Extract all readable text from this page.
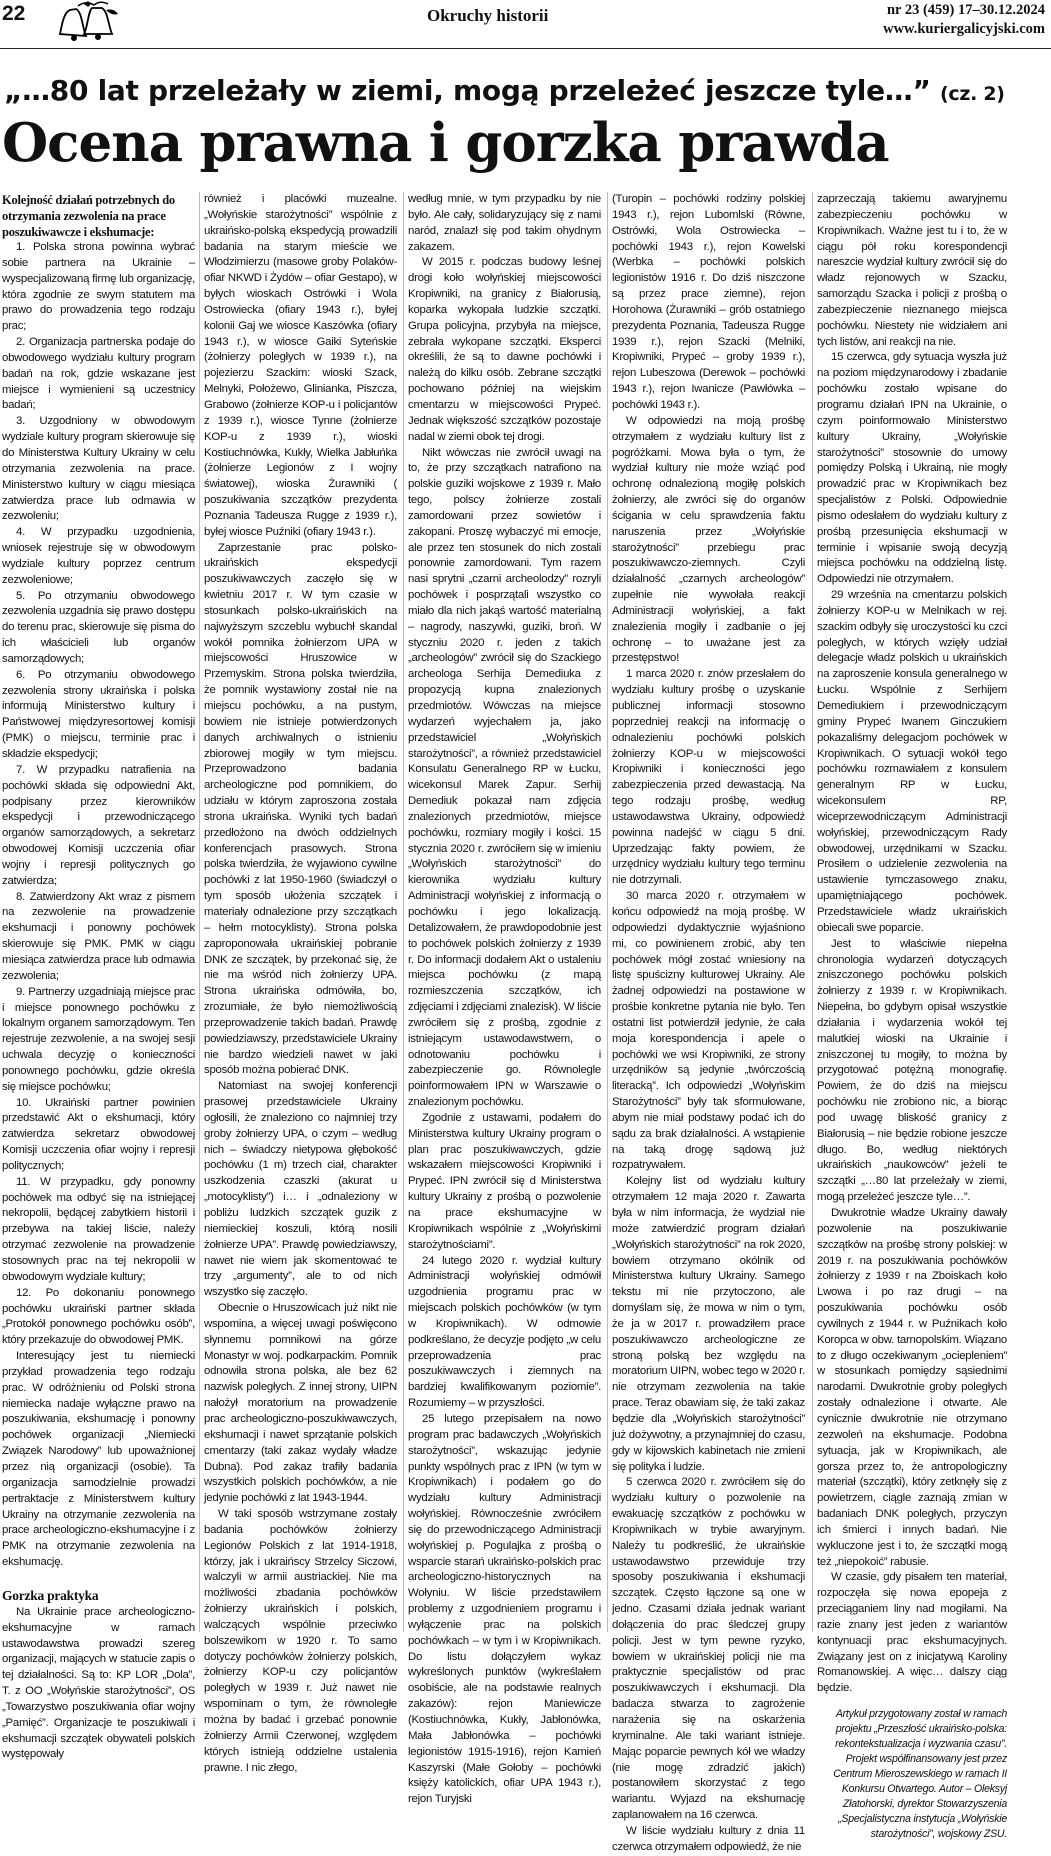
22	Okruchy historii	nr 23 (459) 17–30.12.2024
www.kuriergalicyjski.com
„…80 lat przeleżały w ziemi, mogą przeleżeć jeszcze tyle…” (cz. 2)
Ocena prawna i gorzka prawda
Kolejność działań potrzebnych do otrzymania zezwolenia na prace poszukiwawcze i ekshumacje:

1. Polska strona powinna wybrać sobie partnera na Ukrainie – wyspecjalizowaną firmę lub organizację, która zgodnie ze swym statutem ma prawo do prowadzenia tego rodzaju prac;

2. Organizacja partnerska podaje do obwodowego wydziału kultury program badań na rok, gdzie wskazane jest miejsce i wymienieni są uczestnicy badań;

3. Uzgodniony w obwodowym wydziale kultury program skierowuje się do Ministerstwa Kultury Ukrainy w celu otrzymania zezwolenia na prace. Ministerstwo kultury w ciągu miesiąca zatwierdza prace lub odmawia w zezwoleniu;

4. W przypadku uzgodnienia, wniosek rejestruje się w obwodowym wydziale kultury poprzez centrum zezwoleniowe;

5. Po otrzymaniu obwodowego zezwolenia uzgadnia się prawo dostępu do terenu prac, skierowuje się pisma do ich właścicieli lub organów samorządowych;

6. Po otrzymaniu obwodowego zezwolenia strony ukraińska i polska informują Ministerstwo kultury i Państwowej międzyresortowej komisji (PMK) o miejscu, terminie prac i składzie ekspedycji;

7. W przypadku natrafienia na pochówki składa się odpowiedni Akt, podpisany przez kierowników ekspedycji i przewodniczącego organów samorządowych, a sekretarz obwodowej Komisji uczczenia ofiar wojny i represji politycznych go zatwierdza;

8. Zatwierdzony Akt wraz z pismem na zezwolenie na prowadzenie ekshumacji i ponowny pochówek skierowuje się PMK. PMK w ciągu miesiąca zatwierdza prace lub odmawia zezwolenia;

9. Partnerzy uzgadniają miejsce prac i miejsce ponownego pochówku z lokalnym organem samorządowym. Ten rejestruje zezwolenie, a na swojej sesji uchwala decyzję o konieczności ponownego pochówku, gdzie określa się miejsce pochówku;

10. Ukraiński partner powinien przedstawić Akt o ekshumacji, który zatwierdza sekretarz obwodowej Komisji uczczenia ofiar wojny i represji politycznych;

11. W przypadku, gdy ponowny pochówek ma odbyć się na istniejącej nekropolii, będącej zabytkiem historii i przebywa na takiej liście, należy otrzymać zezwolenie na prowadzenie stosownych prac na tej nekropolii w obwodowym wydziale kultury;

12. Po dokonaniu ponownego pochówku ukraiński partner składa „Protokół ponownego pochówku osób”, który przekazuje do obwodowej PMK.

Interesujący jest tu niemiecki przykład prowadzenia tego rodzaju prac. W odróżnieniu od Polski strona niemiecka nadaje wyłączne prawo na poszukiwania, ekshumację i ponowny pochówek organizacji „Niemiecki Związek Narodowy” lub upoważnionej przez nią organizacji (osobie). Ta organizacja samodzielnie prowadzi pertraktacje z Ministerstwem kultury Ukrainy na otrzymanie zezwolenia na prace archeologiczno-ekshumacyjne i z PMK na otrzymanie zezwolenia na ekshumację.

Gorzka praktyka

Na Ukrainie prace archeologiczno-ekshumacyjne w ramach ustawodawstwa prowadzi szereg organizacji, mających w statucie zapis o tej działalności. Są to: KP LOR „Dola”, T. z OO „Wołyńskie starożytności”, OS „Towarzystwo poszukiwania ofiar wojny „Pamięć”. Organizacje te poszukiwali i ekshumacji szczątek obywateli polskich występowały

również i placówki muzealne. „Wołyńskie starożytności” wspólnie z ukraińsko-polską ekspedycją prowadzili badania na starym mieście we Włodzimierzu (masowe groby Polaków-ofiar NKWD i Żydów – ofiar Gestapo), w byłych wioskach Ostrówki i Wola Ostrowiecka (ofiary 1943 r.), byłej kolonii Gaj we wiosce Kaszówka (ofiary 1943 r.), w wiosce Gaiki Syteńskie (żołnierzy poległych w 1939 r.), na pojezierzu Szackim: wioski Szack, Melnyki, Położewo, Glinianka, Piszcza, Grabowo (żołnierze KOP-u i policjantów z 1939 r.), wiosce Tynne (żołnierze KOP-u z 1939 r.), wioski Kostiuchnówka, Kukły, Wielka Jabłuńka (żołnierze Legionów z I wojny światowej), wioska Żurawniki ( poszukiwania szczątków prezydenta Poznania Tadeusza Rugge z 1939 r.), byłej wiosce Puźniki (ofiary 1943 r.).

Zaprzestanie prac polsko-ukraińskich ekspedycji poszukiwawczych zaczęło się w kwietniu 2017 r. W tym czasie w stosunkach polsko-ukraińskich na najwyższym szczeblu wybuchł skandal wokół pomnika żołnierzom UPA w miejscowości Hruszowice w Przemyskim. Strona polska twierdziła, że pomnik wystawiony został nie na miejscu pochówku, a na pustym, bowiem nie istnieje potwierdzonych danych archiwalnych o istnieniu zbiorowej mogiły w tym miejscu. Przeprowadzono badania archeologiczne pod pomnikiem, do udziału w którym zaproszona została strona ukraińska. Wyniki tych badań przedłożono na dwóch oddzielnych konferencjach prasowych. Strona polska twierdziła, że wyjawiono cywilne pochówki z lat 1950-1960 (świadczył o tym sposób ułożenia szczątek i materiały odnalezione przy szczątkach – hełm motocyklisty). Strona polska zaproponowała ukraińskiej pobranie DNK ze szczątek, by przekonać się, że nie ma wśród nich żołnierzy UPA. Strona ukraińska odmówiła, bo, zrozumiałe, że było niemożliwością przeprowadzenie takich badań. Prawdę powiedziawszy, przedstawiciele Ukrainy nie bardzo wiedzieli nawet w jaki sposób można pobierać DNK.

Natomiast na swojej konferencji prasowej przedstawiciele Ukrainy ogłosili, że znaleziono co najmniej trzy groby żołnierzy UPA, o czym – według nich – świadczy nietypowa głębokość pochówku (1 m) trzech ciał, charakter uszkodzenia czaszki (akurat u „motocyklisty”) i… i „odnaleziony w pobliżu ludzkich szczątek guzik z niemieckiej koszuli, którą nosili żołnierze UPA”. Prawdę powiedziawszy, nawet nie wiem jak skomentować te trzy „argumenty”, ale to od nich wszystko się zaczęło.

Obecnie o Hruszowicach już nikt nie wspomina, a więcej uwagi poświęcono słynnemu pomnikowi na górze Monastyr w woj. podkarpackim. Pomnik odnowiła strona polska, ale bez 62 nazwisk poległych. Z innej strony, UIPN nałożył moratorium na prowadzenie prac archeologiczno-poszukiwawczych, ekshumacji i nawet sprzątanie polskich cmentarzy (taki zakaz wydały władze Dubna). Pod zakaz trafiły badania wszystkich polskich pochówków, a nie jedynie pochówki z lat 1943-1944.

W taki sposób wstrzymane zostały badania pochówków żołnierzy Legionów Polskich z lat 1914-1918, którzy, jak i ukraińscy Strzelcy Siczowi, walczyli w armii austriackiej. Nie ma możliwości zbadania pochówków żołnierzy ukraińskich i polskich, walczących wspólnie przeciwko bolszewikom w 1920 r. To samo dotyczy pochówków żołnierzy polskich, żołnierzy KOP-u czy policjantów poległych w 1939 r. Już nawet nie wspominam o tym, że równoległe można by badać i grzebać ponownie żołnierzy Armii Czerwonej, względem których istnieją oddzielne ustalenia prawne. I nic złego,

według mnie, w tym przypadku by nie było. Ale cały, solidaryzujący się z nami naród, znalazł się pod takim ohydnym zakazem.

W 2015 r. podczas budowy leśnej drogi koło wołyńskiej miejscowości Kropiwniki, na granicy z Białorusią, koparka wykopała ludzkie szczątki. Grupa policyjna, przybyła na miejsce, zebrała wykopane szczątki. Eksperci określili, że są to dawne pochówki i należą do kilku osób. Zebrane szczątki pochowano później na wiejskim cmentarzu w miejscowości Prypeć. Jednak większość szczątków pozostaje nadal w ziemi obok tej drogi.

Nikt wówczas nie zwrócił uwagi na to, że przy szczątkach natrafiono na polskie guziki wojskowe z 1939 r. Mało tego, polscy żołnierze zostali zamordowani przez sowietów i zakopani. Proszę wybaczyć mi emocje, ale przez ten stosunek do nich zostali ponownie zamordowani. Tym razem nasi sprytni „czarni archeolodzy” rozryli pochówek i posprzątali wszystko co miało dla nich jakąś wartość materialną – nagrody, naszywki, guziki, broń. W styczniu 2020 r. jeden z takich „archeologów” zwrócił się do Szackiego archeologa Serhija Demediuka z propozycją kupna znalezionych przedmiotów. Wówczas na miejsce wydarzeń wyjechałem ja, jako przedstawiciel „Wołyńskich starożytności”, a również przedstawiciel Konsulatu Generalnego RP w Łucku, wicekonsul Marek Zapur. Serhij Demediuk pokazał nam zdjęcia znalezionych przedmiotów, miejsce pochówku, rozmiary mogiły i kości. 15 stycznia 2020 r. zwróciłem się w imieniu „Wołyńskich starożytności” do kierownika wydziału kultury Administracji wołyńskiej z informacją o pochówku i jego lokalizacją. Detalizowałem, że prawdopodobnie jest to pochówek polskich żołnierzy z 1939 r. Do informacji dodałem Akt o ustaleniu miejsca pochówku (z mapą rozmieszczenia szczątków, ich zdjęciami i zdjęciami znalezisk). W liście zwróciłem się z prośbą, zgodnie z istniejącym ustawodawstwem, o odnotowaniu pochówku i zabezpieczenie go. Równolegle poinformowałem IPN w Warszawie o znalezionym pochówku.

Zgodnie z ustawami, podałem do Ministerstwa kultury Ukrainy program o plan prac poszukiwawczych, gdzie wskazałem miejscowości Kropiwniki i Prypeć. IPN zwrócił się d Ministerstwa kultury Ukrainy z prośbą o pozwolenie na prace ekshumacyjne w Kropiwnikach wspólnie z „Wołyńskimi starożytnościami”.

24 lutego 2020 r. wydział kultury Administracji wołyńskiej odmówił uzgodnienia programu prac w miejscach polskich pochówków (w tym w Kropiwnikach). W odmowie podkreślano, że decyzje podjęto „w celu przeprowadzenia prac poszukiwawczych i ziemnych na bardziej kwalifikowanym poziomie”. Rozumiemy – w przyszłości.

25 lutego przepisałem na nowo program prac badawczych „Wołyńskich starożytności”, wskazując jedynie punkty wspólnych prac z IPN (w tym w Kropiwnikach) i podałem go do wydziału kultury Administracji wołyńskiej. Równocześnie zwróciłem się do przewodniczącego Administracji wołyńskiej p. Pogulajka z prośbą o wsparcie starań ukraińsko-polskich prac archeologiczno-historycznych na Wołyniu. W liście przedstawiłem problemy z uzgodnieniem programu i wyłączenie prac na polskich pochówkach – w tym i w Kropiwnikach. Do listu dołączyłem wykaz wykreślonych punktów (wykreślałem osobiście, ale na podstawie realnych zakazów): rejon Maniewicze (Kostiuchnówka, Kukły, Jabłonówka, Mała Jabłonówka – pochówki legionistów 1915-1916), rejon Kamień Kaszyrski (Małe Gołoby – pochówki księży katolickich, ofiar UPA 1943 r.), rejon Turyjski

(Turopin – pochówki rodziny polskiej 1943 r.), rejon Lubomlski (Równe, Ostrówki, Wola Ostrowiecka – pochówki 1943 r.), rejon Kowelski (Werbka – pochówki polskich legionistów 1916 r. Do dziś niszczone są przez prace ziemne), rejon Horohowa (Żurawniki – grób ostatniego prezydenta Poznania, Tadeusza Rugge 1939 r.), rejon Szacki (Melniki, Kropiwniki, Prypeć – groby 1939 r.), rejon Lubeszowa (Derewok – pochówki 1943 r.), rejon Iwanicze (Pawłówka – pochówki 1943 r.).

W odpowiedzi na moją prośbę otrzymałem z wydziału kultury list z pogróżkami. Mowa była o tym, że wydział kultury nie może wziąć pod ochronę odnalezioną mogiłę polskich żołnierzy, ale zwróci się do organów ścigania w celu sprawdzenia faktu naruszenia przez „Wołyńskie starożytności” przebiegu prac poszukiwawczo-ziemnych. Czyli działalność „czarnych archeologów” zupełnie nie wywołała reakcji Administracji wołyńskiej, a fakt znalezienia mogiły i zadbanie o jej ochronę – to uważane jest za przestępstwo!

1 marca 2020 r. znów przesłałem do wydziału kultury prośbę o uzyskanie publicznej informacji stosowno poprzedniej reakcji na informację o odnalezieniu pochówki polskich żołnierzy KOP-u w miejscowości Kropiwniki i konieczności jego zabezpieczenia przed dewastacją. Na tego rodzaju prośbę, według ustawodawstwa Ukrainy, odpowiedź powinna nadejść w ciągu 5 dni. Uprzedzając fakty powiem, że urzędnicy wydziału kultury tego terminu nie dotrzymali.

30 marca 2020 r. otrzymałem w końcu odpowiedź na moją prośbę. W odpowiedzi dydaktycznie wyjaśniono mi, co powinienem zrobić, aby ten pochówek mógł zostać wniesiony na listę spuścizny kulturowej Ukrainy. Ale żadnej odpowiedzi na postawione w prośbie konkretne pytania nie było. Ten ostatni list potwierdził jedynie, że cała moja korespondencja i apele o pochówki we wsi Kropiwniki, ze strony urzędników są jedynie „twórczością literacką”. Ich odpowiedzi „Wołyńskim Starożytności” były tak sformułowane, abym nie miał podstawy podać ich do sądu za brak działalności. A wstąpienie na taką drogę sądową już rozpatrywałem.

Kolejny list od wydziału kultury otrzymałem 12 maja 2020 r. Zawarta była w nim informacja, że wydział nie może zatwierdzić program działań „Wołyńskich starożytności” na rok 2020, bowiem otrzymano okólnik od Ministerstwa kultury Ukrainy. Samego tekstu mi nie przytoczono, ale domyślam się, że mowa w nim o tym, że ja w 2017 r. prowadziłem prace poszukiwawczo archeologiczne ze stroną polską bez względu na moratorium UIPN, wobec tego w 2020 r. nie otrzymam zezwolenia na takie prace. Teraz obawiam się, że taki zakaz będzie dla „Wołyńskich starożytności” już dożywotny, a przynajmniej do czasu, gdy w kijowskich kabinetach nie zmieni się polityka i ludzie.

5 czerwca 2020 r. zwróciłem się do wydziału kultury o pozwolenie na ewakuację szczątków z pochówku w Kropiwnikach w trybie awaryjnym. Należy tu podkreślić, że ukraińskie ustawodawstwo przewiduje trzy sposoby poszukiwania i ekshumacji szczątek. Często łączone są one w jedno. Czasami działa jednak wariant dołączenia do prac śledczej grupy policji. Jest w tym pewne ryzyko, bowiem w ukraińskiej policji nie ma praktycznie specjalistów od prac poszukiwawczych i ekshumacji. Dla badacza stwarza to zagrożenie narażenia się na oskarżenia kryminalne. Ale taki wariant istnieje. Mając poparcie pewnych kół we władzy (nie mogę zdradzić jakich) postanowiłem skorzystać z tego wariantu. Wyjazd na ekshumację zaplanowałem na 16 czerwca.

W liście wydziału kultury z dnia 11 czerwca otrzymałem odpowiedź, że nie

zaprzeczają takiemu awaryjnemu zabezpieczeniu pochówku w Kropiwnikach. Ważne jest tu i to, że w ciągu pół roku korespondencji nareszcie wydział kultury zwrócił się do władz rejonowych w Szacku, samorządu Szacka i policji z prośbą o zabezpieczenie nieznanego miejsca pochówku. Niestety nie widziałem ani tych listów, ani reakcji na nie.

15 czerwca, gdy sytuacja wyszła już na poziom międzynarodowy i zbadanie pochówku zostało wpisane do programu działań IPN na Ukrainie, o czym poinformowało Ministerstwo kultury Ukrainy, „Wołyńskie starożytności” stosownie do umowy pomiędzy Polską i Ukrainą, nie mogły prowadzić prac w Kropiwnikach bez specjalistów z Polski. Odpowiednie pismo odesłałem do wydziału kultury z prośbą przesunięcia ekshumacji w terminie i wpisanie swoją decyzją miejsca pochówku na oddzielną listę. Odpowiedzi nie otrzymałem.

29 września na cmentarzu polskich żołnierzy KOP-u w Melnikach w rej. szackim odbyły się uroczystości ku czci poległych, w których wzięły udział delegacje władz polskich u ukraińskich na zaproszenie konsula generalnego w Łucku. Wspólnie z Serhijem Demediukiem i przewodniczącym gminy Prypeć Iwanem Ginczukiem pokazaliśmy delegacjom pochówek w Kropiwnikach. O sytuacji wokół tego pochówku rozmawiałem z konsulem generalnym RP w Łucku, wicekonsulem RP, wiceprzewodniczącym Administracji wołyńskiej, przewodniczącym Rady obwodowej, urzędnikami w Szacku. Prosiłem o udzielenie zezwolenia na ustawienie tymczasowego znaku, upamiętniającego pochówek. Przedstawiciele władz ukraińskich obiecali swe poparcie.

Jest to właściwie niepełna chronologia wydarzeń dotyczących zniszczonego pochówku polskich żołnierzy z 1939 r. w Kropiwnikach. Niepełna, bo gdybym opisał wszystkie działania i wydarzenia wokół tej malutkiej wioski na Ukrainie i zniszczonej tu mogiły, to można by przygotować potężną monografię. Powiem, że do dziś na miejscu pochówku nie zrobiono nic, a biorąc pod uwagę bliskość granicy z Białorusią – nie będzie robione jeszcze długo. Bo, według niektórych ukraińskich „naukowców” jeżeli te szczątki „…80 lat przeleżały w ziemi, mogą przeleżeć jeszcze tyle…”.

Dwukrotnie władze Ukrainy dawały pozwolenie na poszukiwanie szczątków na prośbę strony polskiej: w 2019 r. na poszukiwania pochówków żołnierzy z 1939 r na Zboiskach koło Lwowa i po raz drugi – na poszukiwania pochówku osób cywilnych z 1944 r. w Puźnikach koło Koropca w obw. tarnopolskim. Wiązano to z długo oczekiwanym „ociepleniem” w stosunkach pomiędzy sąsiednimi narodami. Dwukrotnie groby poległych zostały odnalezione i otwarte. Ale cynicznie dwukrotnie nie otrzymano zezwoleń na ekshumacje. Podobna sytuacja, jak w Kropiwnikach, ale gorsza przez to, że antropologiczny materiał (szczątki), który zetknęły się z powietrzem, ciągle zaznają zmian w badaniach DNK poległych, przyczyn ich śmierci i innych badań. Nie wykluczone jest i to, że szczątki mogą też „niepokoić” rabusie.

W czasie, gdy pisałem ten materiał, rozpoczęła się nowa epopeja z przeciąganiem liny nad mogiłami. Na razie znany jest jeden z wariantów kontynuacji prac ekshumacyjnych. Związany jest on z inicjatywą Karoliny Romanowskiej. A więc… dalszy ciąg będzie.

Artykuł przygotowany został w ramach projektu „Przeszłość ukraińsko-polska: rekontekstualizacja i wyzwania czasu”. Projekt współfinansowany jest przez Centrum Mieroszewskiego w ramach II Konkursu Otwartego. Autor – Oleksyj Złatohorski, dyrektor Stowarzyszenia „Specjalistyczna instytucja „Wołyńskie starożytności”, wojskowy ZSU.
